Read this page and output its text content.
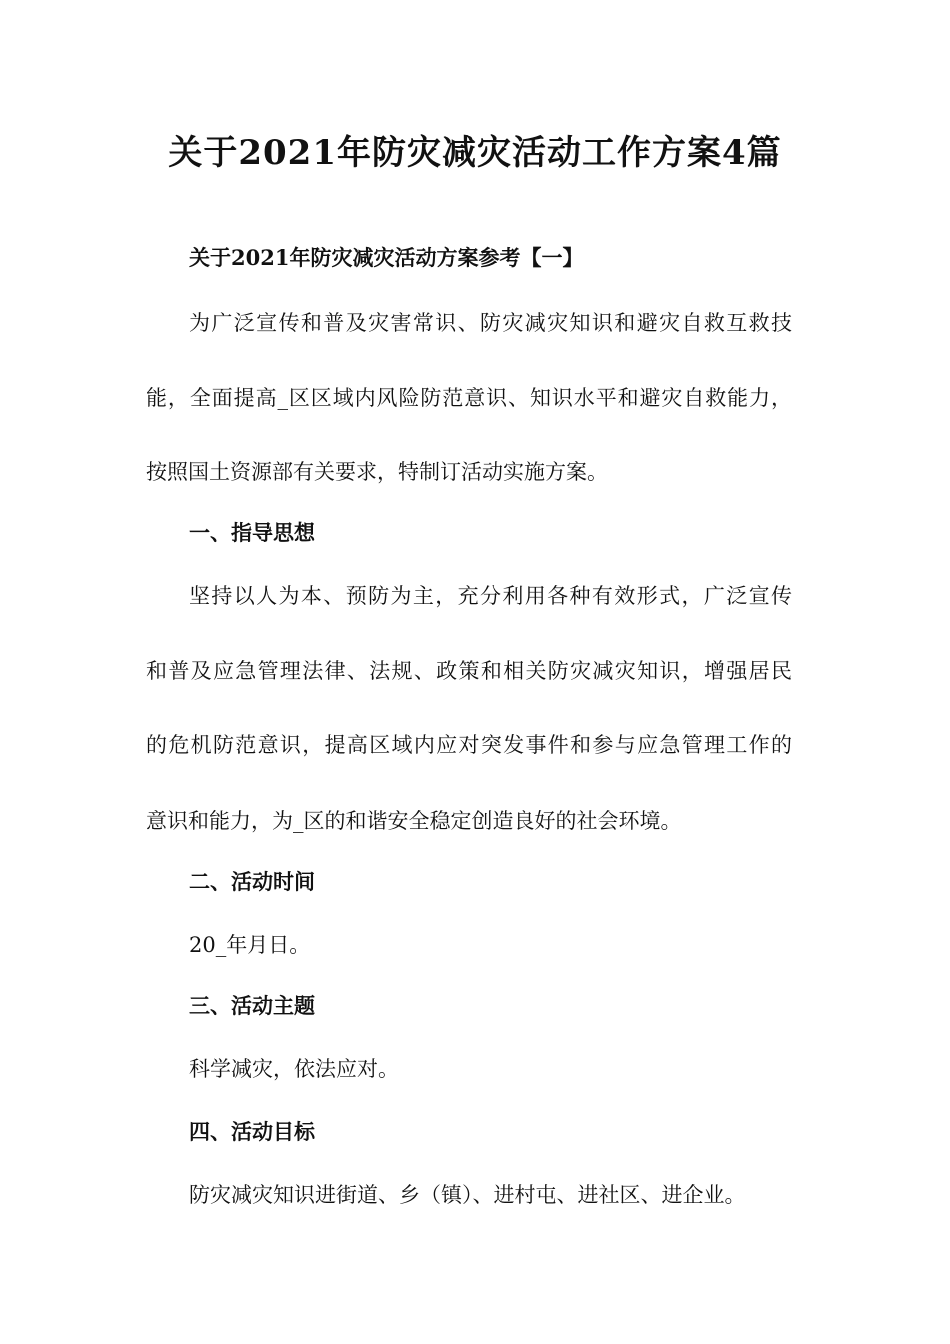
关于2021年防灾减灾活动工作方案4篇
关于2021年防灾减灾活动方案参考【一】
为广泛宣传和普及灾害常识、防灾减灾知识和避灾自救互救技
能，全面提高_区区域内风险防范意识、知识水平和避灾自救能力，
按照国土资源部有关要求，特制订活动实施方案。
一、指导思想
坚持以人为本、预防为主，充分利用各种有效形式，广泛宣传
和普及应急管理法律、法规、政策和相关防灾减灾知识，增强居民
的危机防范意识，提高区域内应对突发事件和参与应急管理工作的
意识和能力，为_区的和谐安全稳定创造良好的社会环境。
二、活动时间
20_年月日。
三、活动主题
科学减灾，依法应对。
四、活动目标
防灾减灾知识进街道、乡（镇）、进村屯、进社区、进企业。
